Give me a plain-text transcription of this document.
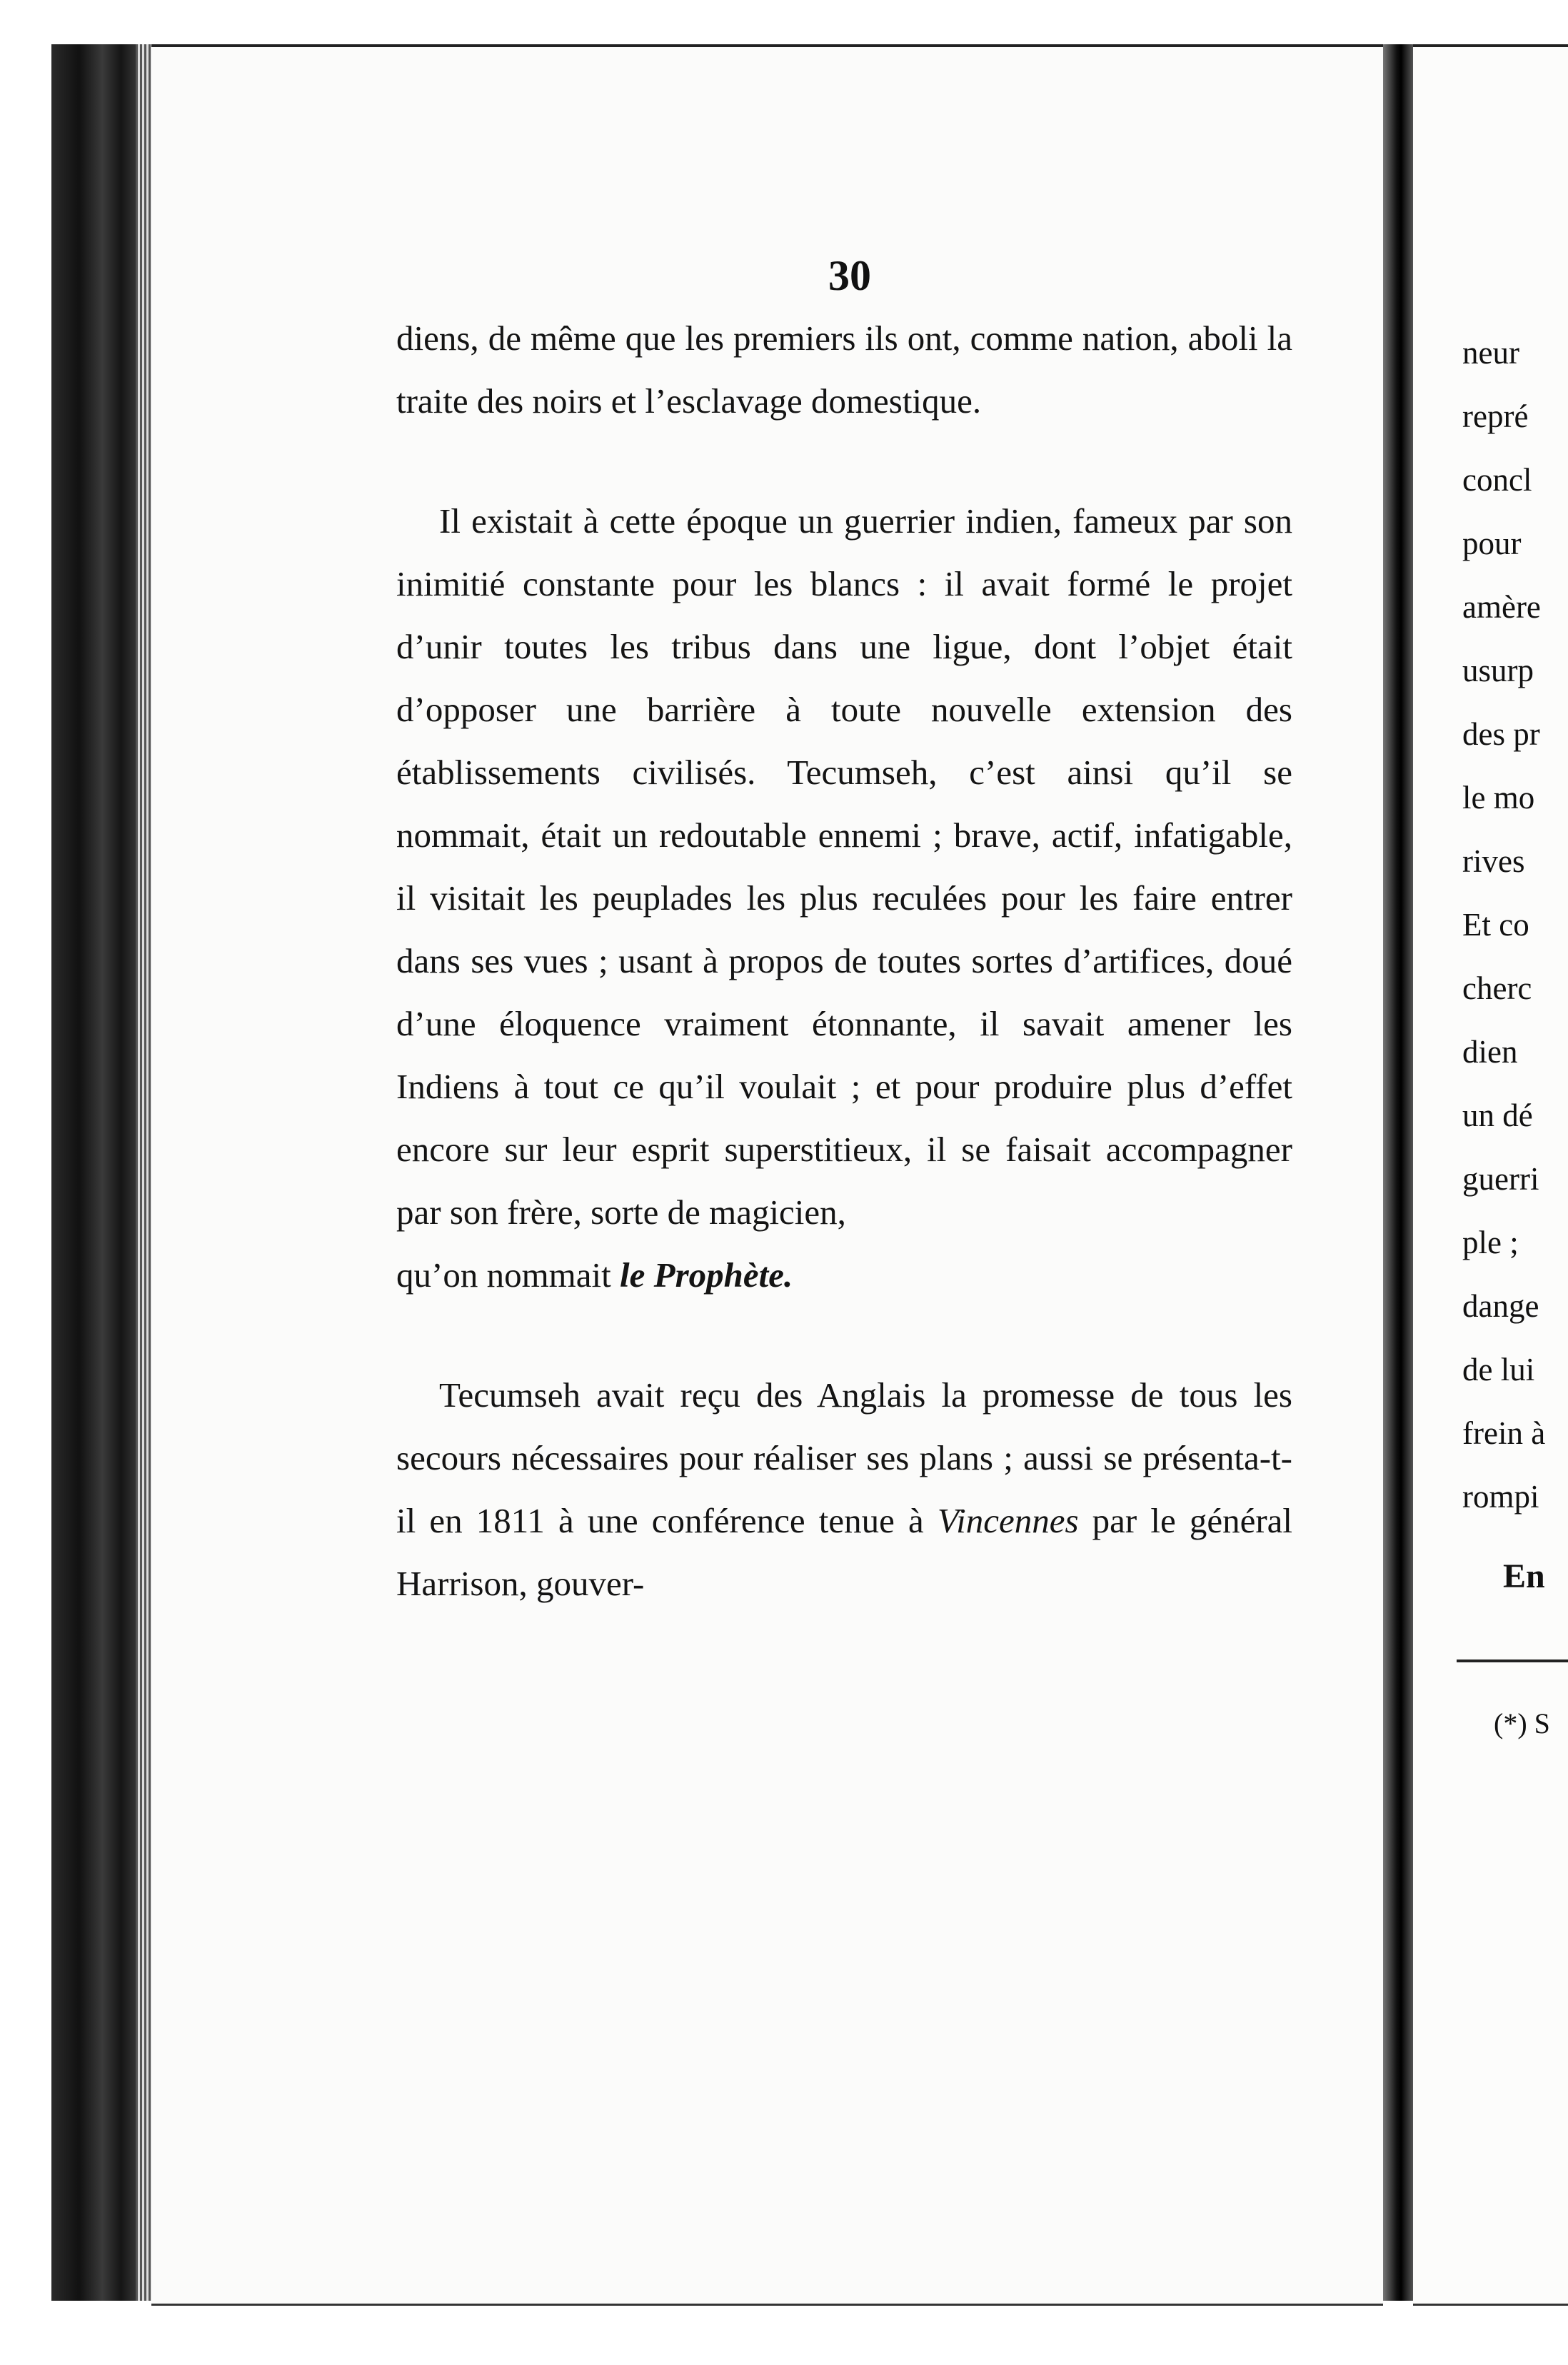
30

diens, de même que les premiers ils ont, comme nation, aboli la traite des noirs et l’esclavage domestique.

Il existait à cette époque un guerrier indien, fameux par son inimitié constante pour les blancs : il avait formé le projet d’unir toutes les tribus dans une ligue, dont l’objet était d’opposer une barrière à toute nouvelle extension des établissements civilisés. Tecumseh, c’est ainsi qu’il se nommait, était un redoutable ennemi ; brave, actif, infatigable, il visitait les peuplades les plus reculées pour les faire entrer dans ses vues ; usant à propos de toutes sortes d’artifices, doué d’une éloquence vraiment étonnante, il savait amener les Indiens à tout ce qu’il voulait ; et pour produire plus d’effet encore sur leur esprit superstitieux, il se faisait accompagner par son frère, sorte de magicien,

qu’on nommait le Prophète.

Tecumseh avait reçu des Anglais la promesse de tous les secours nécessaires pour réaliser ses plans ; aussi se présenta-t-il en 1811 à une conférence tenue à Vincennes par le général Harrison, gouver-

neur
repré
concl
pour
amère
usurp
des pr
le mo
rives
Et co
cherc
dien
un dé
guerri
ple ;
dange
de lui
frein à
rompi
En
(*) S
